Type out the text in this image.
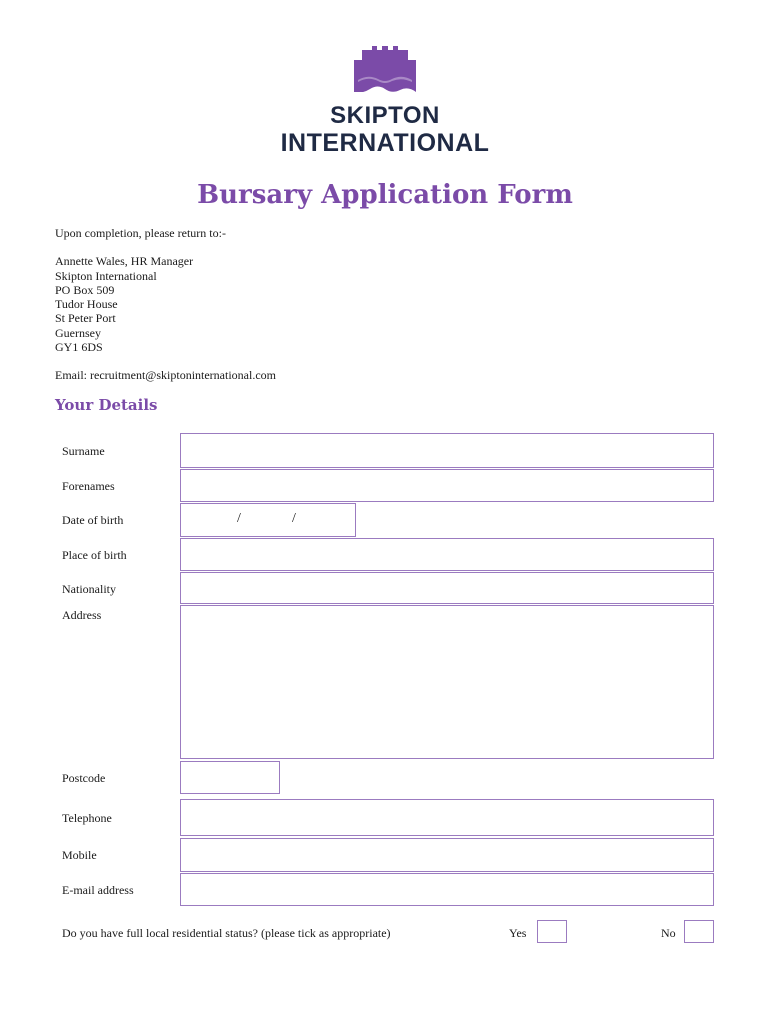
SKIPTON
INTERNATIONAL
Bursary Application Form

Upon completion, please return to:-

Annette Wales, HR Manager

Skipton International

PO Box 509

Tudor House

St Peter Port

Guernsey

GY1 6DS

Email: recruitment@skiptoninternational.com

Your Details
Surname
Forenames
Date of birth	/	/
Place of birth
Nationality
Address
Postcode
Telephone
Mobile
E-mail address
Do you have full local residential status? (please tick as appropriate)	Yes	No
